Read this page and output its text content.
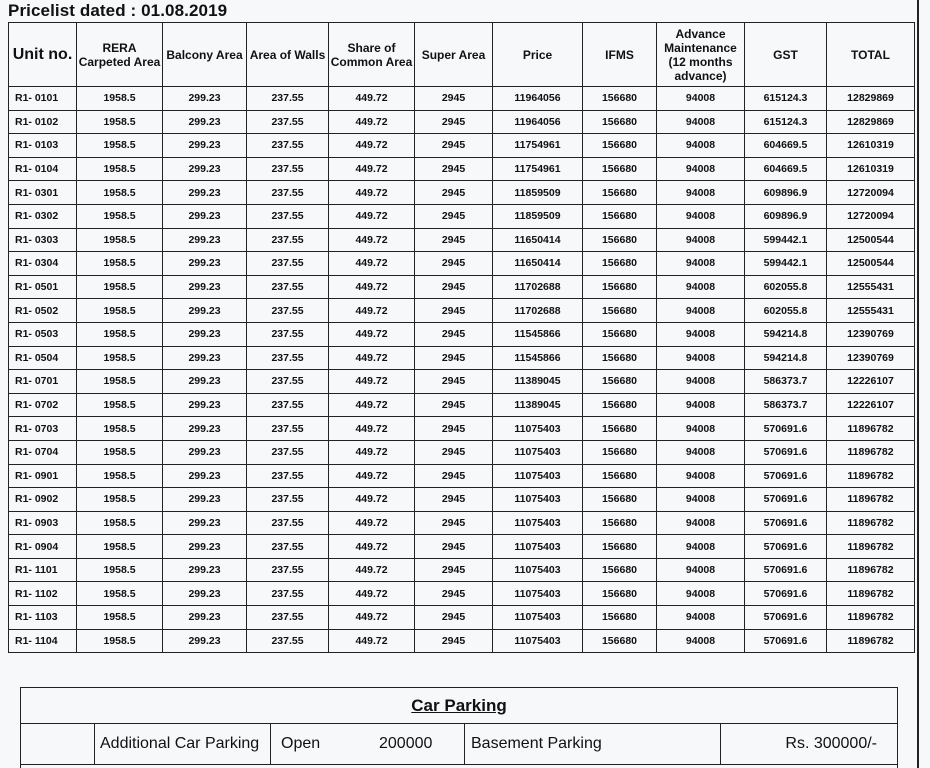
Pricelist dated : 01.08.2019
Unit no.	RERA Carpeted Area	Balcony Area	Area of Walls	Share of Common Area	Super Area	Price	IFMS	Advance Maintenance (12 months advance)	GST	TOTAL
R1- 0101	1958.5	299.23	237.55	449.72	2945	11964056	156680	94008	615124.3	12829869
R1- 0102	1958.5	299.23	237.55	449.72	2945	11964056	156680	94008	615124.3	12829869
R1- 0103	1958.5	299.23	237.55	449.72	2945	11754961	156680	94008	604669.5	12610319
R1- 0104	1958.5	299.23	237.55	449.72	2945	11754961	156680	94008	604669.5	12610319
R1- 0301	1958.5	299.23	237.55	449.72	2945	11859509	156680	94008	609896.9	12720094
R1- 0302	1958.5	299.23	237.55	449.72	2945	11859509	156680	94008	609896.9	12720094
R1- 0303	1958.5	299.23	237.55	449.72	2945	11650414	156680	94008	599442.1	12500544
R1- 0304	1958.5	299.23	237.55	449.72	2945	11650414	156680	94008	599442.1	12500544
R1- 0501	1958.5	299.23	237.55	449.72	2945	11702688	156680	94008	602055.8	12555431
R1- 0502	1958.5	299.23	237.55	449.72	2945	11702688	156680	94008	602055.8	12555431
R1- 0503	1958.5	299.23	237.55	449.72	2945	11545866	156680	94008	594214.8	12390769
R1- 0504	1958.5	299.23	237.55	449.72	2945	11545866	156680	94008	594214.8	12390769
R1- 0701	1958.5	299.23	237.55	449.72	2945	11389045	156680	94008	586373.7	12226107
R1- 0702	1958.5	299.23	237.55	449.72	2945	11389045	156680	94008	586373.7	12226107
R1- 0703	1958.5	299.23	237.55	449.72	2945	11075403	156680	94008	570691.6	11896782
R1- 0704	1958.5	299.23	237.55	449.72	2945	11075403	156680	94008	570691.6	11896782
R1- 0901	1958.5	299.23	237.55	449.72	2945	11075403	156680	94008	570691.6	11896782
R1- 0902	1958.5	299.23	237.55	449.72	2945	11075403	156680	94008	570691.6	11896782
R1- 0903	1958.5	299.23	237.55	449.72	2945	11075403	156680	94008	570691.6	11896782
R1- 0904	1958.5	299.23	237.55	449.72	2945	11075403	156680	94008	570691.6	11896782
R1- 1101	1958.5	299.23	237.55	449.72	2945	11075403	156680	94008	570691.6	11896782
R1- 1102	1958.5	299.23	237.55	449.72	2945	11075403	156680	94008	570691.6	11896782
R1- 1103	1958.5	299.23	237.55	449.72	2945	11075403	156680	94008	570691.6	11896782
R1- 1104	1958.5	299.23	237.55	449.72	2945	11075403	156680	94008	570691.6	11896782
Car Parking
Additional Car Parking	Open	200000	Basement Parking	Rs. 300000/-
